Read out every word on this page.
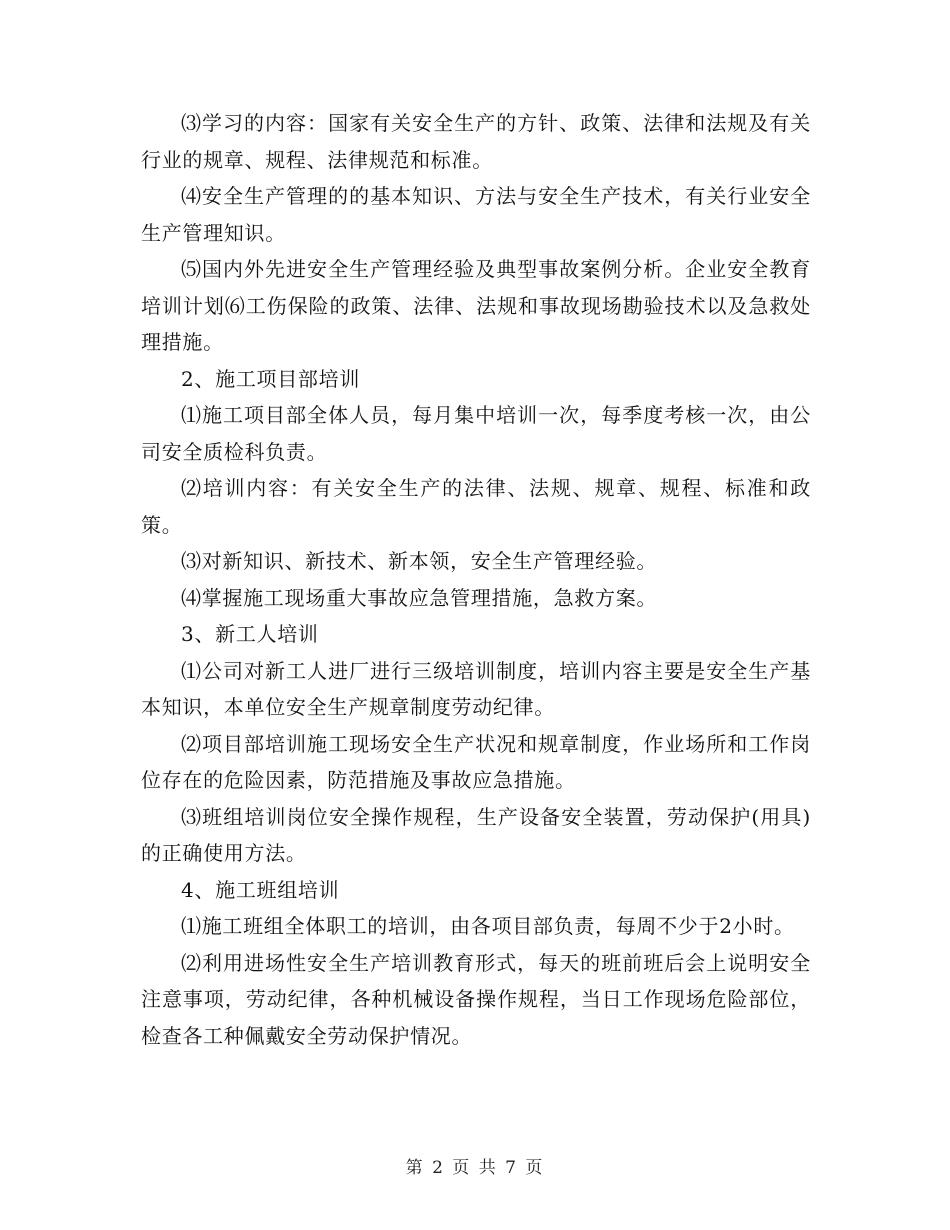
⑶学习的内容：国家有关安全生产的方针、政策、法律和法规及有关行业的规章、规程、法律规范和标准。

⑷安全生产管理的的基本知识、方法与安全生产技术，有关行业安全生产管理知识。

⑸国内外先进安全生产管理经验及典型事故案例分析。企业安全教育培训计划⑹工伤保险的政策、法律、法规和事故现场勘验技术以及急救处理措施。

2、施工项目部培训

⑴施工项目部全体人员，每月集中培训一次，每季度考核一次，由公司安全质检科负责。

⑵培训内容：有关安全生产的法律、法规、规章、规程、标准和政策。

⑶对新知识、新技术、新本领，安全生产管理经验。

⑷掌握施工现场重大事故应急管理措施，急救方案。

3、新工人培训

⑴公司对新工人进厂进行三级培训制度，培训内容主要是安全生产基本知识，本单位安全生产规章制度劳动纪律。

⑵项目部培训施工现场安全生产状况和规章制度，作业场所和工作岗位存在的危险因素，防范措施及事故应急措施。

⑶班组培训岗位安全操作规程，生产设备安全装置，劳动保护(用具)的正确使用方法。

4、施工班组培训

⑴施工班组全体职工的培训，由各项目部负责，每周不少于2小时。

⑵利用进场性安全生产培训教育形式，每天的班前班后会上说明安全注意事项，劳动纪律，各种机械设备操作规程，当日工作现场危险部位，检查各工种佩戴安全劳动保护情况。

第 2 页 共 7 页
